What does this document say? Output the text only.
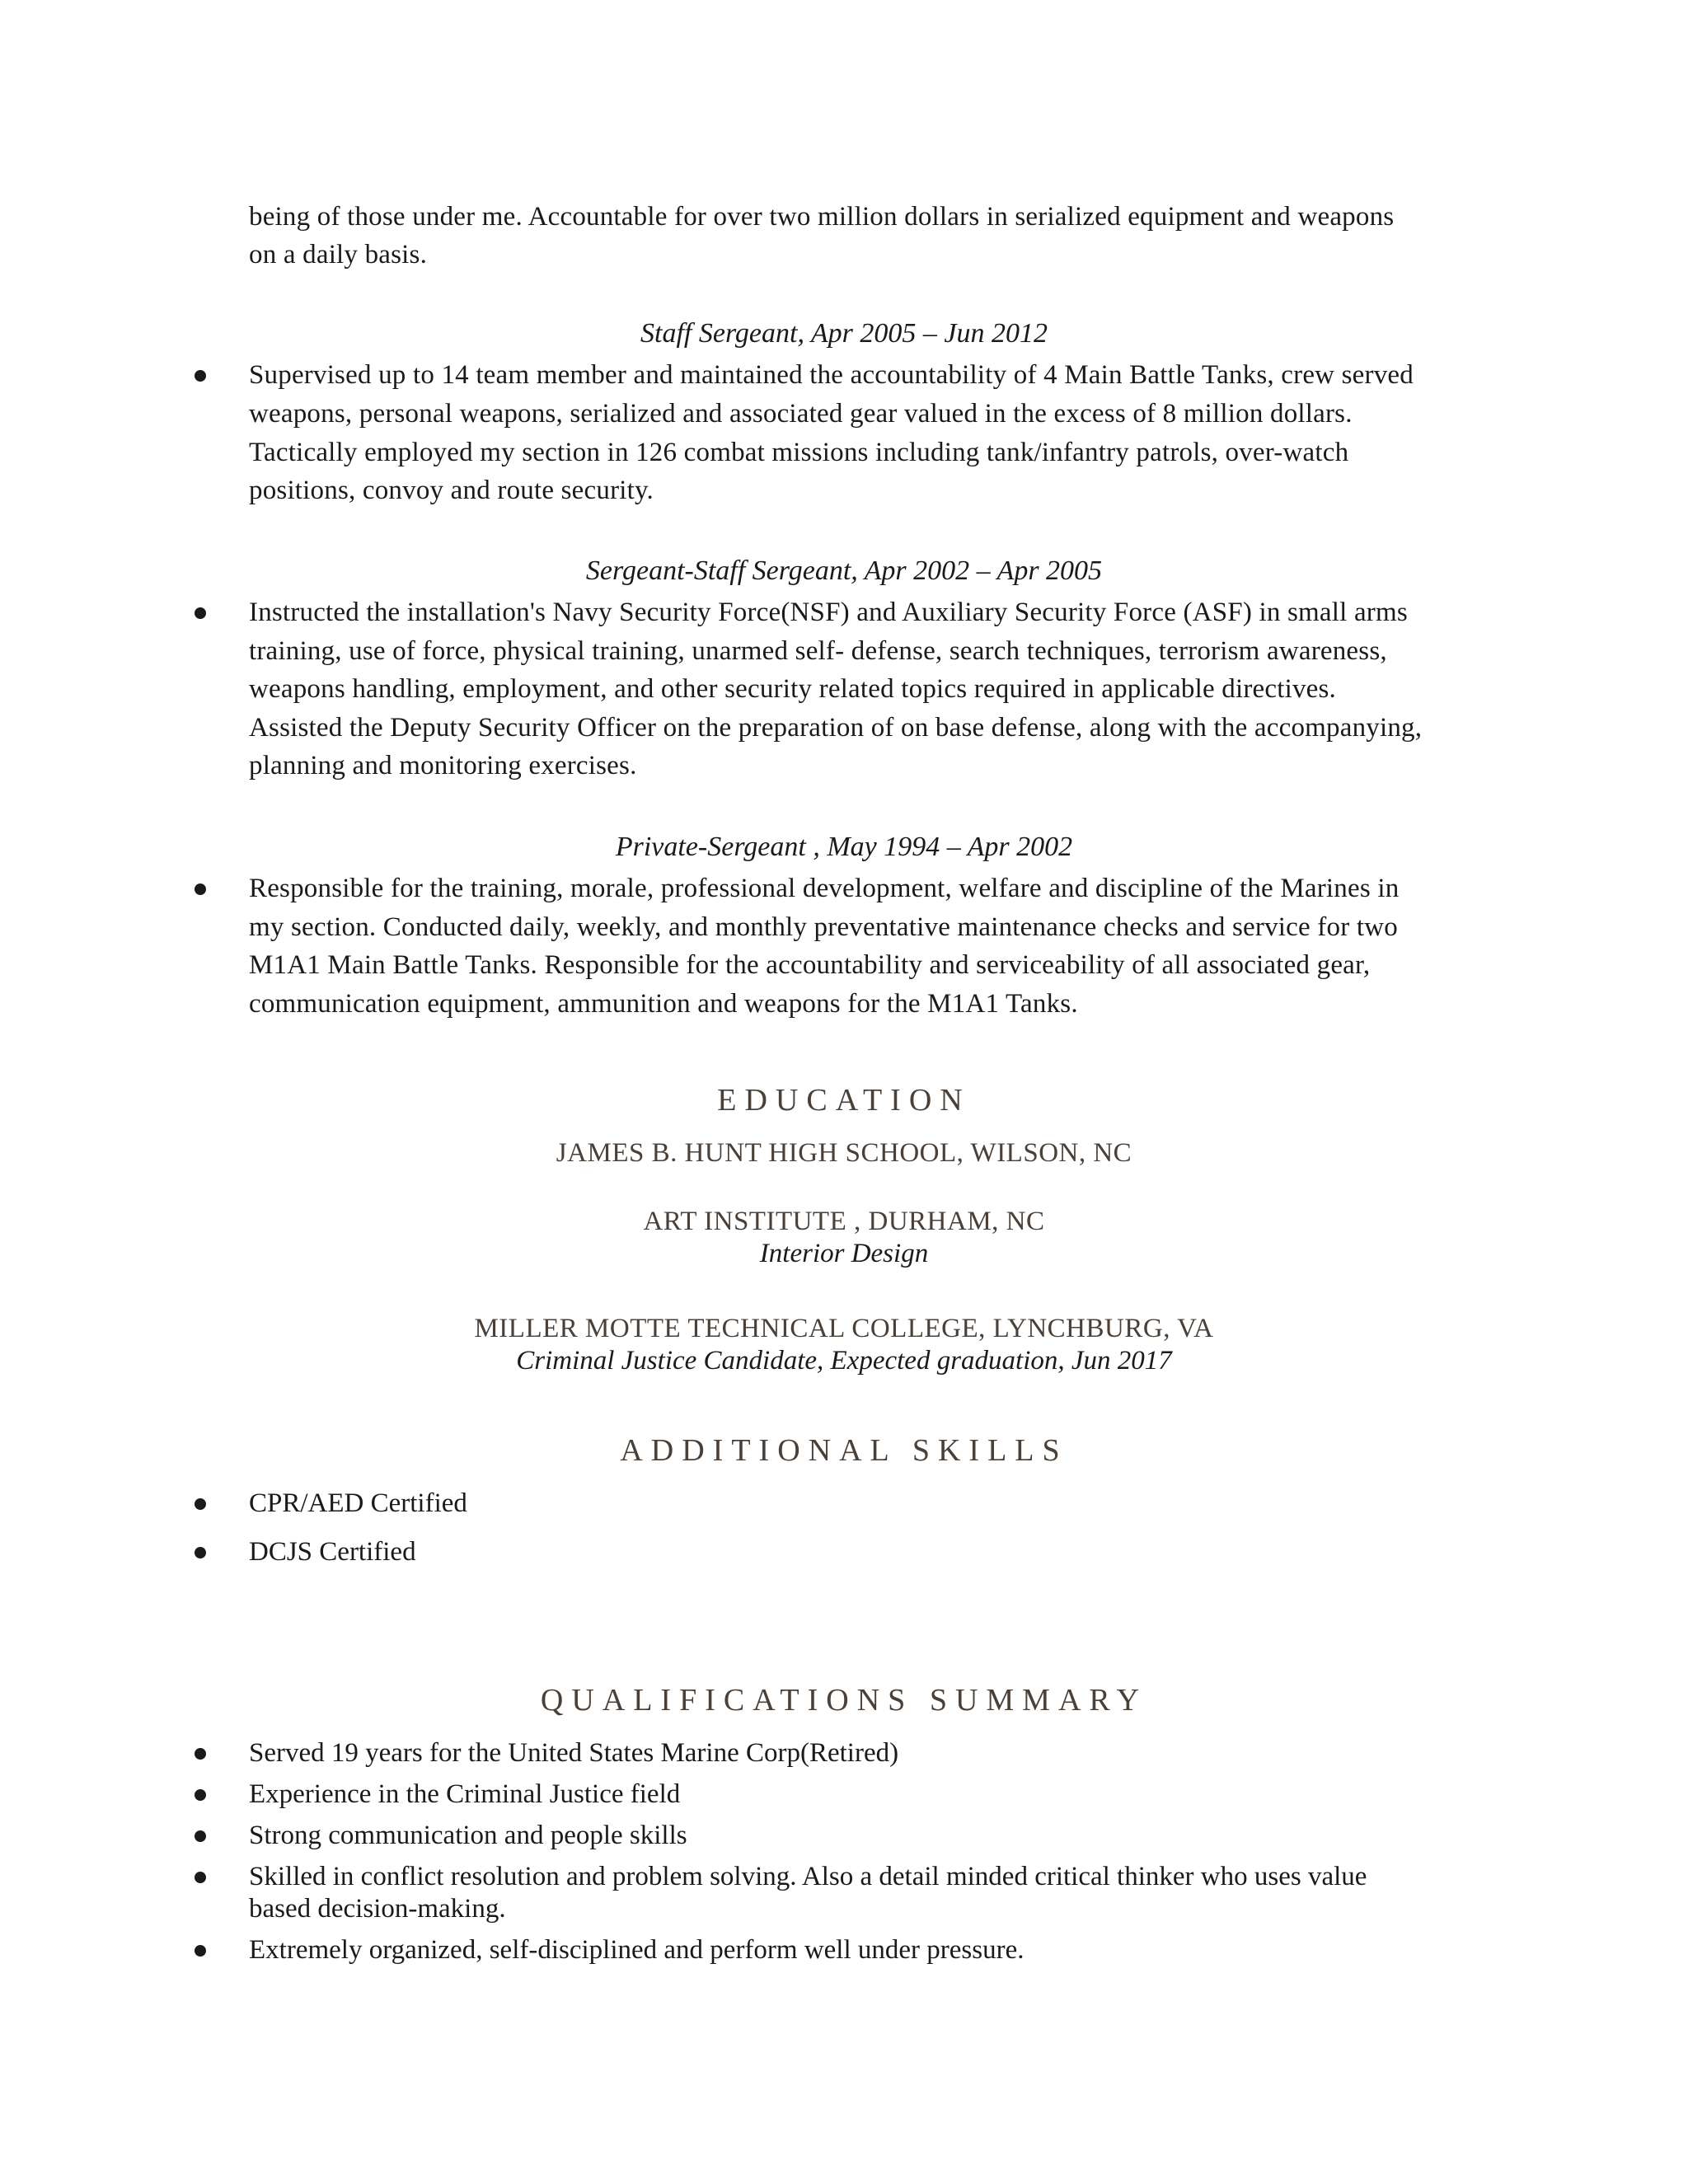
being of those under me. Accountable for over two million dollars in serialized equipment and weapons
on a daily basis.
Staff Sergeant, Apr 2005 – Jun 2012
Supervised up to 14 team member and maintained the accountability of 4 Main Battle Tanks, crew served
weapons, personal weapons, serialized and associated gear valued in the excess of 8 million dollars.
Tactically employed my section in 126 combat missions including tank/infantry patrols, over-watch
positions, convoy and route security.
Sergeant-Staff Sergeant, Apr 2002 – Apr 2005
Instructed the installation's Navy Security Force(NSF) and Auxiliary Security Force (ASF) in small arms
training, use of force, physical training, unarmed self- defense, search techniques, terrorism awareness,
weapons handling, employment, and other security related topics required in applicable directives.
Assisted the Deputy Security Officer on the preparation of on base defense, along with the accompanying,
planning and monitoring exercises.
Private-Sergeant , May 1994 – Apr 2002
Responsible for the training, morale, professional development, welfare and discipline of the Marines in
my section. Conducted daily, weekly, and monthly preventative maintenance checks and service for two
M1A1 Main Battle Tanks. Responsible for the accountability and serviceability of all associated gear,
communication equipment, ammunition and weapons for the M1A1 Tanks.
EDUCATION
JAMES B. HUNT HIGH SCHOOL, WILSON, NC
ART INSTITUTE , DURHAM, NC
Interior Design
MILLER MOTTE TECHNICAL COLLEGE, LYNCHBURG, VA
Criminal Justice Candidate, Expected graduation, Jun 2017
ADDITIONAL SKILLS
CPR/AED Certified
DCJS Certified
QUALIFICATIONS SUMMARY
Served 19 years for the United States Marine Corp(Retired)
Experience in the Criminal Justice field
Strong communication and people skills
Skilled in conflict resolution and problem solving. Also a detail minded critical thinker who uses value
based decision-making.
Extremely organized, self-disciplined and perform well under pressure.
